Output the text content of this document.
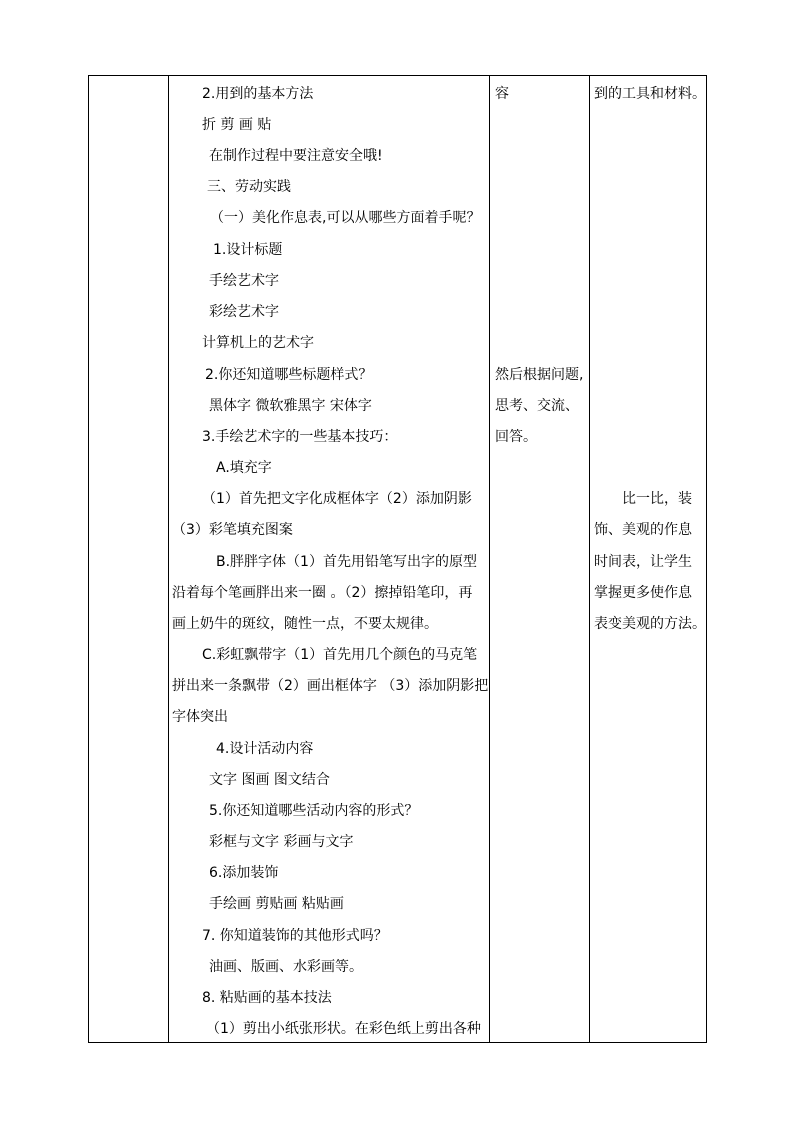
2.用到的基本方法
折 剪 画 贴
在制作过程中要注意安全哦!
三、劳动实践
（一）美化作息表,可以从哪些方面着手呢？
1.设计标题
手绘艺术字
彩绘艺术字
计算机上的艺术字
2.你还知道哪些标题样式？
黑体字 微软雅黑字 宋体字
3.手绘艺术字的一些基本技巧：
A.填充字
（1）首先把文字化成框体字（2）添加阴影
（3）彩笔填充图案
B.胖胖字体（1）首先用铅笔写出字的原型
沿着每个笔画胖出来一圈 。（2）擦掉铅笔印，再
画上奶牛的斑纹，随性一点，不要太规律。
C.彩虹飘带字（1）首先用几个颜色的马克笔
拼出来一条飘带（2）画出框体字 （3）添加阴影把
字体突出
4.设计活动内容
文字 图画 图文结合
5.你还知道哪些活动内容的形式？
彩框与文字 彩画与文字
6.添加装饰
手绘画 剪贴画 粘贴画
7. 你知道装饰的其他形式吗？
油画、版画、水彩画等。
8. 粘贴画的基本技法
（1）剪出小纸张形状。在彩色纸上剪出各种

容
然后根据问题,
思考、交流、
回答。

到的工具和材料。
比一比，装
饰、美观的作息
时间表，让学生
掌握更多使作息
表变美观的方法。
